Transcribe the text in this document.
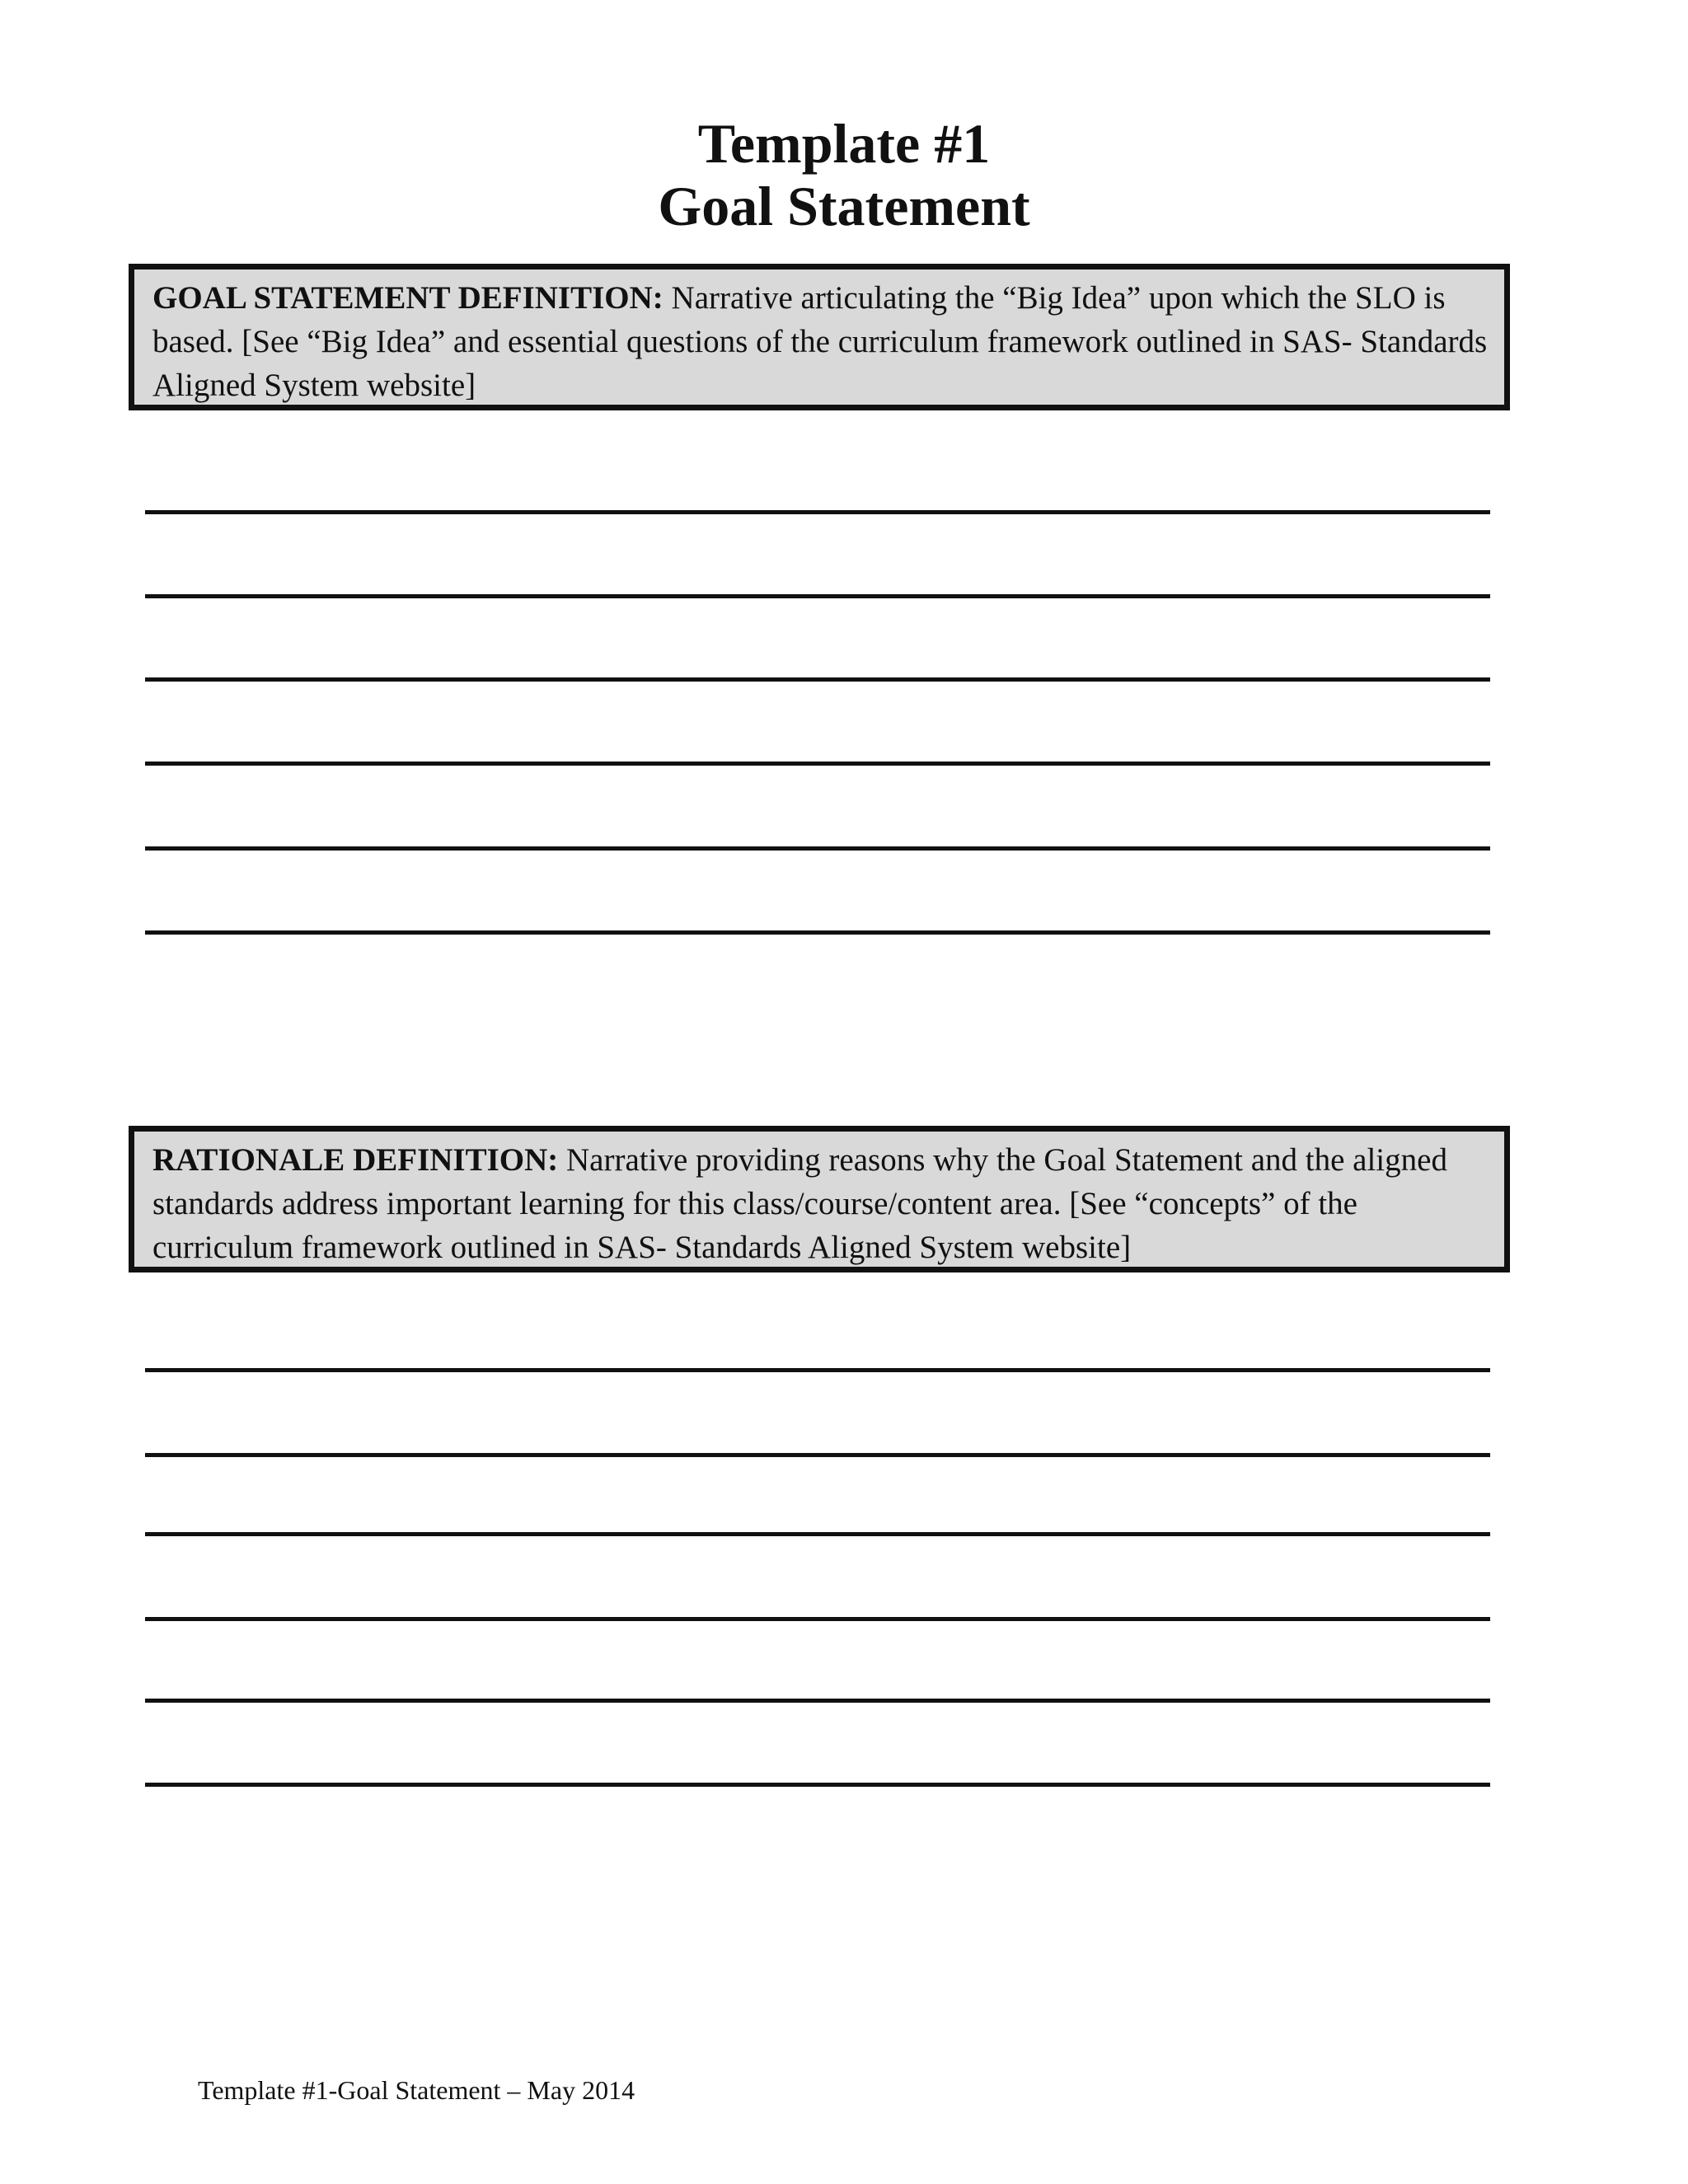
Template #1
Goal Statement
GOAL STATEMENT DEFINITION: Narrative articulating the “Big Idea” upon which the SLO is based. [See “Big Idea” and essential questions of the curriculum framework outlined in SAS- Standards Aligned System website]
RATIONALE DEFINITION: Narrative providing reasons why the Goal Statement and the aligned standards address important learning for this class/course/content area. [See “concepts” of the curriculum framework outlined in SAS- Standards Aligned System website]
Template #1-Goal Statement – May 2014
